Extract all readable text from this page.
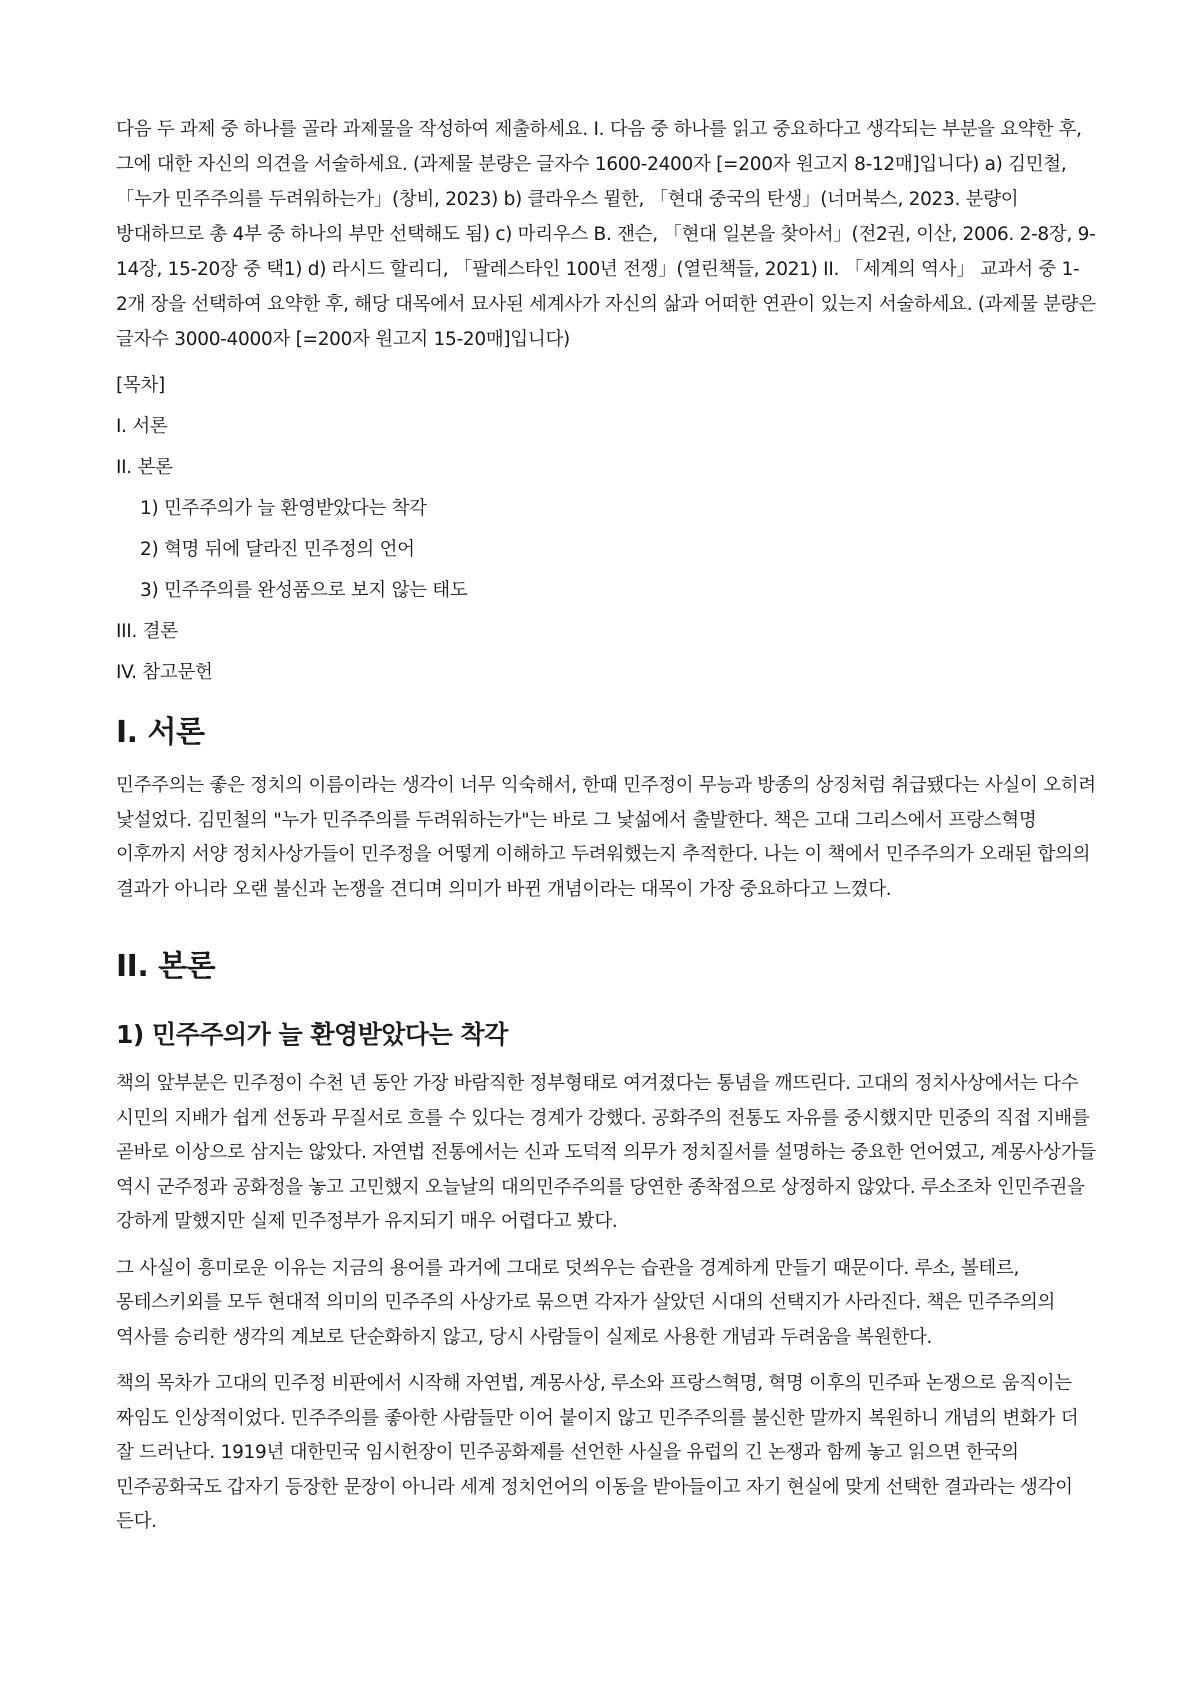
다음 두 과제 중 하나를 골라 과제물을 작성하여 제출하세요. I. 다음 중 하나를 읽고 중요하다고 생각되는 부분을 요약한 후, 그에 대한 자신의 의견을 서술하세요. (과제물 분량은 글자수 1600-2400자 [=200자 원고지 8-12매]입니다) a) 김민철, 「누가 민주주의를 두려워하는가」(창비, 2023) b) 클라우스 뮐한, 「현대 중국의 탄생」(너머북스, 2023. 분량이 방대하므로 총 4부 중 하나의 부만 선택해도 됨) c) 마리우스 B. 잰슨, 「현대 일본을 찾아서」(전2권, 이산, 2006. 2-8장, 9-14장, 15-20장 중 택1) d) 라시드 할리디, 「팔레스타인 100년 전쟁」(열린책들, 2021) II. 「세계의 역사」 교과서 중 1-2개 장을 선택하여 요약한 후, 해당 대목에서 묘사된 세계사가 자신의 삶과 어떠한 연관이 있는지 서술하세요. (과제물 분량은 글자수 3000-4000자 [=200자 원고지 15-20매]입니다)

[목차]
I. 서론
II. 본론
1) 민주주의가 늘 환영받았다는 착각
2) 혁명 뒤에 달라진 민주정의 언어
3) 민주주의를 완성품으로 보지 않는 태도
III. 결론
IV. 참고문헌
I. 서론

민주주의는 좋은 정치의 이름이라는 생각이 너무 익숙해서, 한때 민주정이 무능과 방종의 상징처럼 취급됐다는 사실이 오히려 낯설었다. 김민철의 "누가 민주주의를 두려워하는가"는 바로 그 낯섦에서 출발한다. 책은 고대 그리스에서 프랑스혁명 이후까지 서양 정치사상가들이 민주정을 어떻게 이해하고 두려워했는지 추적한다. 나는 이 책에서 민주주의가 오래된 합의의 결과가 아니라 오랜 불신과 논쟁을 견디며 의미가 바뀐 개념이라는 대목이 가장 중요하다고 느꼈다.

II. 본론
1) 민주주의가 늘 환영받았다는 착각

책의 앞부분은 민주정이 수천 년 동안 가장 바람직한 정부형태로 여겨졌다는 통념을 깨뜨린다. 고대의 정치사상에서는 다수 시민의 지배가 쉽게 선동과 무질서로 흐를 수 있다는 경계가 강했다. 공화주의 전통도 자유를 중시했지만 민중의 직접 지배를 곧바로 이상으로 삼지는 않았다. 자연법 전통에서는 신과 도덕적 의무가 정치질서를 설명하는 중요한 언어였고, 계몽사상가들 역시 군주정과 공화정을 놓고 고민했지 오늘날의 대의민주주의를 당연한 종착점으로 상정하지 않았다. 루소조차 인민주권을 강하게 말했지만 실제 민주정부가 유지되기 매우 어렵다고 봤다.

그 사실이 흥미로운 이유는 지금의 용어를 과거에 그대로 덧씌우는 습관을 경계하게 만들기 때문이다. 루소, 볼테르, 몽테스키외를 모두 현대적 의미의 민주주의 사상가로 묶으면 각자가 살았던 시대의 선택지가 사라진다. 책은 민주주의의 역사를 승리한 생각의 계보로 단순화하지 않고, 당시 사람들이 실제로 사용한 개념과 두려움을 복원한다.

책의 목차가 고대의 민주정 비판에서 시작해 자연법, 계몽사상, 루소와 프랑스혁명, 혁명 이후의 민주파 논쟁으로 움직이는 짜임도 인상적이었다. 민주주의를 좋아한 사람들만 이어 붙이지 않고 민주주의를 불신한 말까지 복원하니 개념의 변화가 더 잘 드러난다. 1919년 대한민국 임시헌장이 민주공화제를 선언한 사실을 유럽의 긴 논쟁과 함께 놓고 읽으면 한국의 민주공화국도 갑자기 등장한 문장이 아니라 세계 정치언어의 이동을 받아들이고 자기 현실에 맞게 선택한 결과라는 생각이 든다.
